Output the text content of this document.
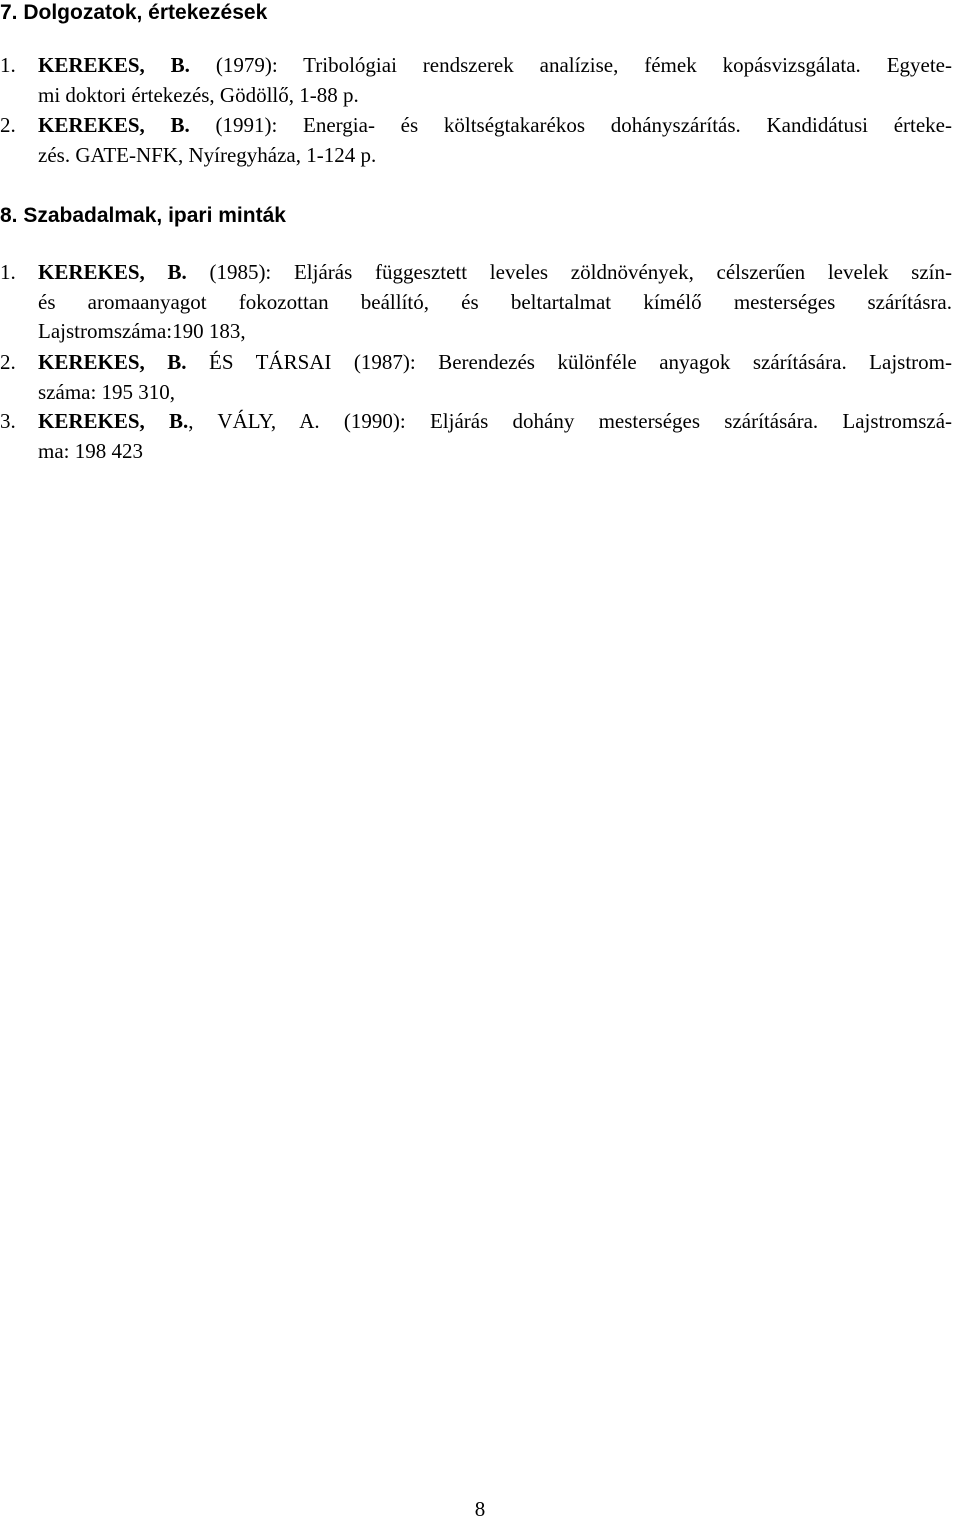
7. Dolgozatok, értekezések
1.	KEREKES, B. (1979): Tribológiai rendszerek analízise, fémek kopásvizsgálata. Egyete-
mi doktori értekezés, Gödöllő, 1-88 p.
2.	KEREKES, B. (1991): Energia- és költségtakarékos dohányszárítás. Kandidátusi érteke-
zés. GATE-NFK, Nyíregyháza, 1-124 p.
8. Szabadalmak, ipari minták
1.	KEREKES, B. (1985): Eljárás függesztett leveles zöldnövények, célszerűen levelek szín-
és aromaanyagot fokozottan beállító, és beltartalmat kímélő mesterséges szárításra.
Lajstromszáma:190 183,
2.	KEREKES, B. ÉS TÁRSAI (1987): Berendezés különféle anyagok szárítására. Lajstrom-
száma: 195 310,
3.	KEREKES, B., VÁLY, A. (1990): Eljárás dohány mesterséges szárítására. Lajstromszá-
ma: 198 423
8
